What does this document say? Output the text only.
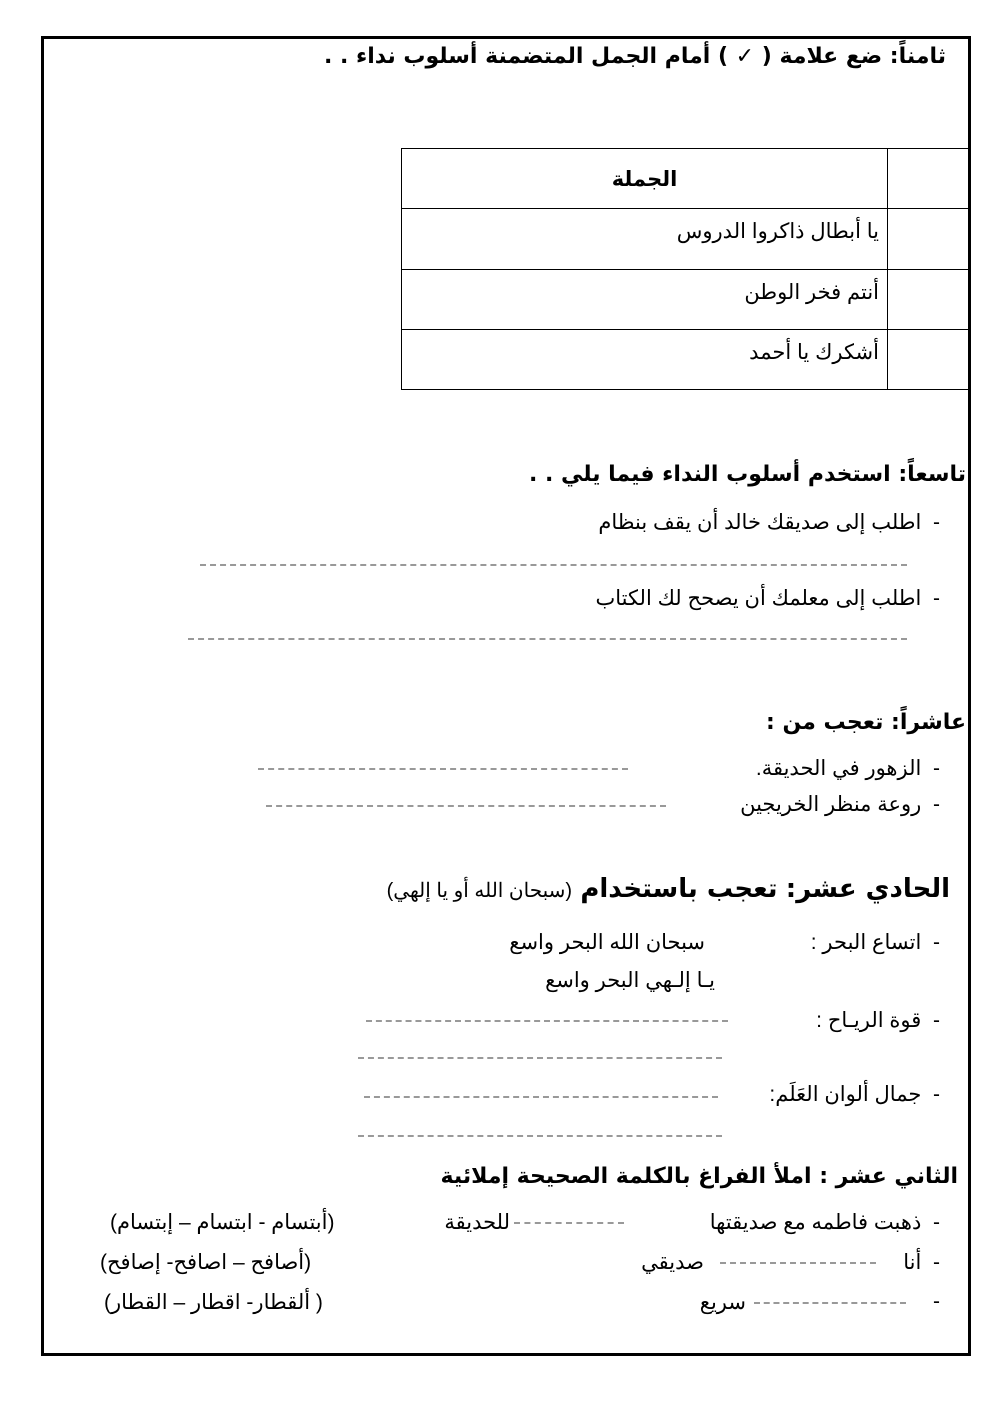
ثامناً: ضع علامة ( ✓ ) أمام الجمل المتضمنة أسلوب نداء . .
	الجملة
	يا أبطال ذاكروا الدروس
	أنتم فخر الوطن
	أشكرك يا أحمد
تاسعاً: استخدم أسلوب النداء فيما يلي . .
-  اطلب إلى صديقك خالد أن يقف بنظام
-  اطلب إلى معلمك أن يصحح لك الكتاب
عاشراً: تعجب من :
-  الزهور في الحديقة.
-  روعة منظر الخريجين
الحادي عشر: تعجب باستخدام (سبحان الله أو يا إلهي)
-  اتساع البحر :
سبحان الله البحر واسع
يـا إلـهي البحر واسع
-  قوة الريـاح :
-  جمال ألوان العَلَم:
الثاني عشر : املأ الفراغ بالكلمة الصحيحة إملائية
-  ذهبت فاطمه مع صديقتها
للحديقة
(أبتسام - ابتسام – إبتسام)
-  أنا
صديقي
(أصافح – اصافح- إصافح)
-
سريع
( ألقطار- اقطار – القطار)
